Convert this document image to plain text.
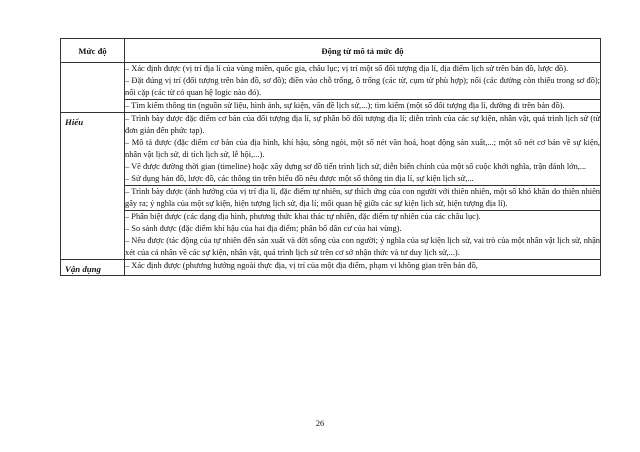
Mức độ	Động từ mô tả mức độ

	– Xác định được (vị trí địa lí của vùng miền, quốc gia, châu lục; vị trí một số đối tượng địa lí, địa điểm lịch sử trên bản đồ, lược đồ).

– Đặt đúng vị trí (đối tượng trên bản đồ, sơ đồ); điền vào chỗ trống, ô trống (các từ, cụm từ phù hợp); nối (các đường còn thiếu trong sơ đồ); nối cặp (các từ có quan hệ logic nào đó).

	– Tìm kiếm thông tin (nguồn sử liệu, hình ảnh, sự kiện, vấn đề lịch sử,...); tìm kiếm (một số đối tượng địa lí, đường đi trên bản đồ).

Hiểu	– Trình bày được đặc điểm cơ bản của đối tượng địa lí, sự phân bố đối tượng địa lí; diễn trình của các sự kiện, nhân vật, quá trình lịch sử (từ đơn giản đến phức tạp).

– Mô tả được (đặc điểm cơ bản của địa hình, khí hậu, sông ngòi, một số nét văn hoá, hoạt động sản xuất,...; một số nét cơ bản về sự kiện, nhân vật lịch sử, di tích lịch sử, lễ hội,...).

– Vẽ được đường thời gian (timeline) hoặc xây dựng sơ đồ tiến trình lịch sử, diễn biến chính của một số cuộc khởi nghĩa, trận đánh lớn,...

– Sử dụng bản đồ, lược đồ, các thông tin trên biểu đồ nêu được một số thông tin địa lí, sự kiện lịch sử,...

	– Trình bày được (ảnh hưởng của vị trí địa lí, đặc điểm tự nhiên, sự thích ứng của con người với thiên nhiên, một số khó khăn do thiên nhiên gây ra; ý nghĩa của một sự kiện, hiện tượng lịch sử, địa lí; mối quan hệ giữa các sự kiện lịch sử, hiện tượng địa lí).

	– Phân biệt được (các dạng địa hình, phương thức khai thác tự nhiên, đặc điểm tự nhiên của các châu lục).

– So sánh được (đặc điểm khí hậu của hai địa điểm; phân bố dân cư của hai vùng).

– Nêu được (tác động của tự nhiên đến sản xuất và đời sống của con người; ý nghĩa của sự kiện lịch sử, vai trò của một nhân vật lịch sử, nhận xét của cá nhân về các sự kiện, nhân vật, quá trình lịch sử trên cơ sở nhận thức và tư duy lịch sử,...).

Vận dụng	– Xác định được (phương hướng ngoài thực địa, vị trí của một địa điểm, phạm vi không gian trên bản đồ,

26
